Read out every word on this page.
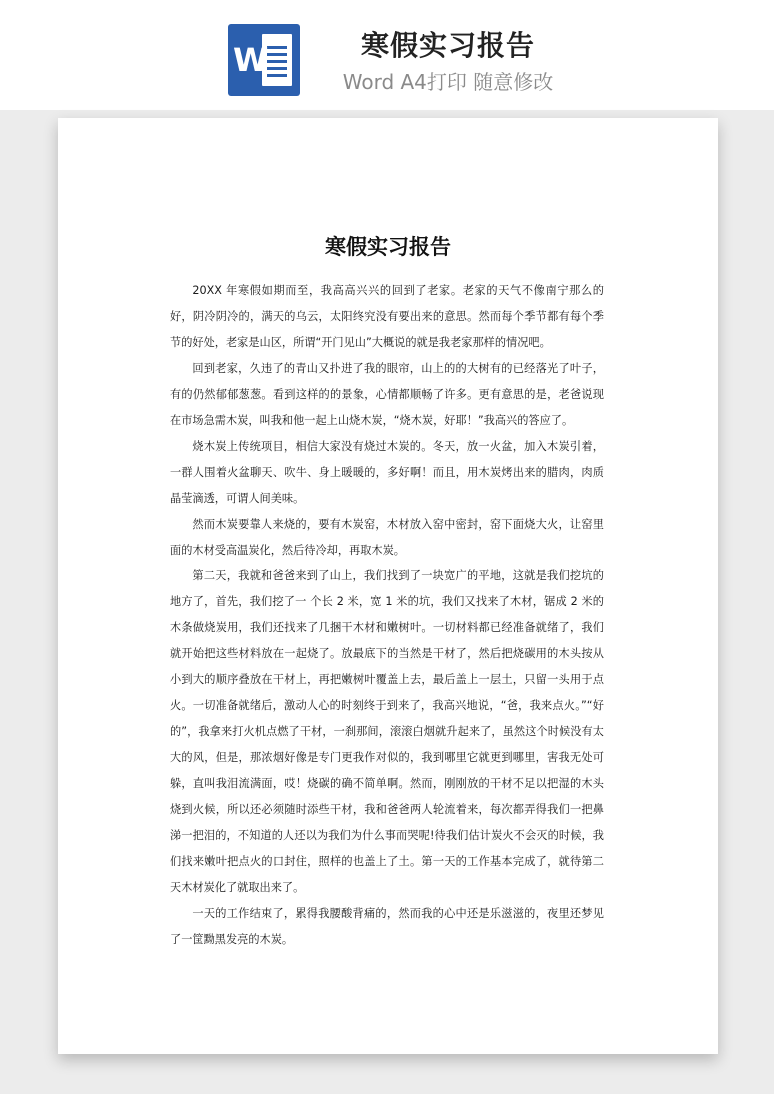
W	寒假实习报告
Word A4打印 随意修改
寒假实习报告

20XX 年寒假如期而至，我高高兴兴的回到了老家。老家的天气不像南宁那么的好，阴冷阴冷的，满天的乌云，太阳终究没有要出来的意思。然而每个季节都有每个季节的好处，老家是山区，所谓“开门见山”大概说的就是我老家那样的情况吧。

回到老家，久违了的青山又扑进了我的眼帘，山上的的大树有的已经落光了叶子，有的仍然郁郁葱葱。看到这样的的景象，心情都顺畅了许多。更有意思的是，老爸说现在市场急需木炭，叫我和他一起上山烧木炭，“烧木炭，好耶！”我高兴的答应了。

烧木炭上传统项目，相信大家没有烧过木炭的。冬天，放一火盆，加入木炭引着，一群人围着火盆聊天、吹牛、身上暖暖的，多好啊！而且，用木炭烤出来的腊肉，肉质晶莹滴透，可谓人间美味。

然而木炭要靠人来烧的，要有木炭窑，木材放入窑中密封，窑下面烧大火，让窑里面的木材受高温炭化，然后待冷却，再取木炭。

第二天，我就和爸爸来到了山上，我们找到了一块宽广的平地，这就是我们挖坑的地方了，首先，我们挖了一 个长 2 米，宽 1 米的坑，我们又找来了木材，锯成 2 米的木条做烧炭用，我们还找来了几捆干木材和嫩树叶。一切材料都已经准备就绪了，我们就开始把这些材料放在一起烧了。放最底下的当然是干材了，然后把烧碳用的木头按从小到大的顺序叠放在干材上，再把嫩树叶覆盖上去，最后盖上一层土，只留一头用于点火。一切准备就绪后，激动人心的时刻终于到来了，我高兴地说，“爸，我来点火。”“好的”，我拿来打火机点燃了干材，一刹那间，滚滚白烟就升起来了，虽然这个时候没有太大的风，但是，那浓烟好像是专门更我作对似的，我到哪里它就更到哪里，害我无处可躲，直叫我泪流满面，哎！烧碳的确不简单啊。然而，刚刚放的干材不足以把湿的木头烧到火候，所以还必须随时添些干材，我和爸爸两人轮流着来，每次都弄得我们一把鼻涕一把泪的，不知道的人还以为我们为什么事而哭呢!待我们估计炭火不会灭的时候，我们找来嫩叶把点火的口封住，照样的也盖上了土。第一天的工作基本完成了，就待第二天木材炭化了就取出来了。

一天的工作结束了，累得我腰酸背痛的，然而我的心中还是乐滋滋的，夜里还梦见了一筐黝黑发亮的木炭。
